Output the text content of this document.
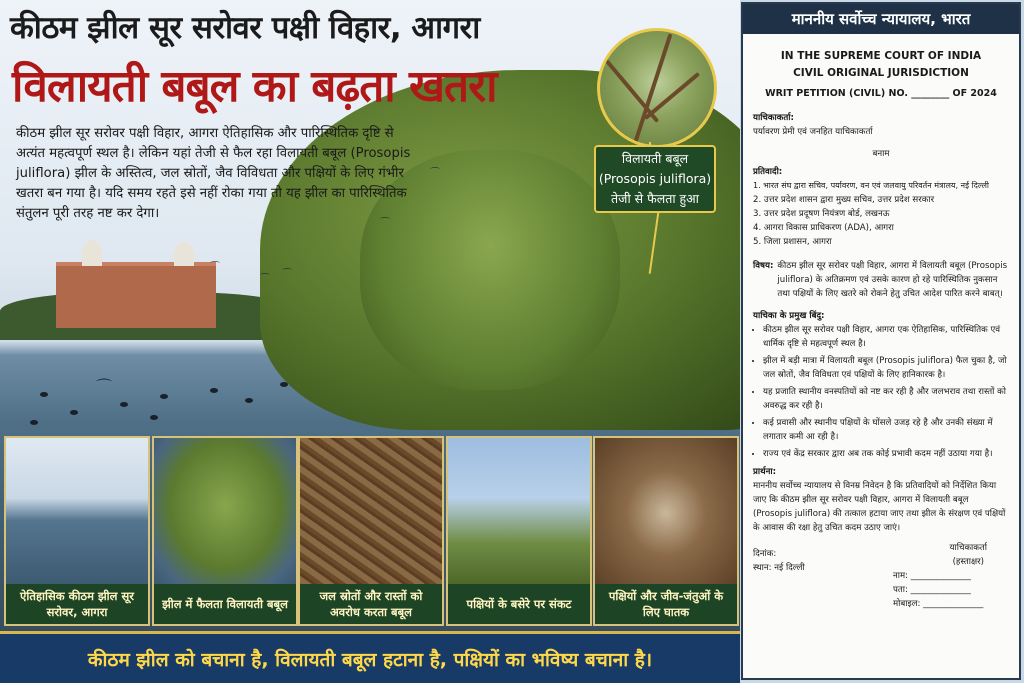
⌒
⌒
⌒ ⌒
⌒
⌒
कीठम झील सूर सरोवर पक्षी विहार, आगरा
विलायती बबूल का बढ़ता खतरा
कीठम झील सूर सरोवर पक्षी विहार, आगरा ऐतिहासिक और पारिस्थितिक दृष्टि से अत्यंत महत्वपूर्ण स्थल है। लेकिन यहां तेजी से फैल रहा विलायती बबूल (Prosopis juliflora) झील के अस्तित्व, जल स्रोतों, जैव विविधता और पक्षियों के लिए गंभीर खतरा बन गया है। यदि समय रहते इसे नहीं रोका गया तो यह झील का पारिस्थितिक संतुलन पूरी तरह नष्ट कर देगा।
विलायती बबूल
(Prosopis juliflora)
तेजी से फैलता हुआ
ऐतिहासिक कीठम झील सूर सरोवर, आगरा
झील में फैलता विलायती बबूल
जल स्रोतों और रास्तों को अवरोध करता बबूल
पक्षियों के बसेरे पर संकट
पक्षियों और जीव-जंतुओं के लिए घातक
कीठम झील को बचाना है, विलायती बबूल हटाना है, पक्षियों का भविष्य बचाना है।
माननीय सर्वोच्च न्यायालय, भारत
IN THE SUPREME COURT OF INDIA
CIVIL ORIGINAL JURISDICTION
WRIT PETITION (CIVIL) NO. ________ OF 2024
याचिकाकर्ता:
पर्यावरण प्रेमी एवं जनहित याचिकाकर्ता
बनाम
प्रतिवादी:
1. भारत संघ द्वारा सचिव, पर्यावरण, वन एवं जलवायु परिवर्तन मंत्रालय, नई दिल्ली
2. उत्तर प्रदेश शासन द्वारा मुख्य सचिव, उत्तर प्रदेश सरकार
3. उत्तर प्रदेश प्रदूषण नियंत्रण बोर्ड, लखनऊ
4. आगरा विकास प्राधिकरण (ADA), आगरा
5. जिला प्रशासन, आगरा
विषय: कीठम झील सूर सरोवर पक्षी विहार, आगरा में विलायती बबूल (Prosopis juliflora) के अतिक्रमण एवं उसके कारण हो रहे पारिस्थितिक नुकसान तथा पक्षियों के लिए खतरे को रोकने हेतु उचित आदेश पारित करने बाबत्।
याचिका के प्रमुख बिंदु:
• कीठम झील सूर सरोवर पक्षी विहार, आगरा एक ऐतिहासिक, पारिस्थितिक एवं धार्मिक दृष्टि से महत्वपूर्ण स्थल है।
• झील में बड़ी मात्रा में विलायती बबूल (Prosopis juliflora) फैल चुका है, जो जल स्रोतों, जैव विविधता एवं पक्षियों के लिए हानिकारक है।
• यह प्रजाति स्थानीय वनस्पतियों को नष्ट कर रही है और जलभराव तथा रास्तों को अवरुद्ध कर रही है।
• कई प्रवासी और स्थानीय पक्षियों के घोंसले उजड़ रहे है और उनकी संख्या में लगातार कमी आ रही है।
• राज्य एवं केंद्र सरकार द्वारा अब तक कोई प्रभावी कदम नहीं उठाया गया है।
प्रार्थना:
माननीय सर्वोच्च न्यायालय से विनम्र निवेदन है कि प्रतिवादियों को निर्देशित किया जाए कि कीठम झील सूर सरोवर पक्षी विहार, आगरा में विलायती बबूल (Prosopis juliflora) की तत्काल हटाया जाए तथा झील के संरक्षण एवं पक्षियों के आवास की रक्षा हेतु उचित कदम उठाए जाएं।
दिनांक:
स्थान: नई दिल्ली
याचिकाकर्ता
(हस्ताक्षर)
नाम: ______________
पता: ______________
मोबाइल: ______________
